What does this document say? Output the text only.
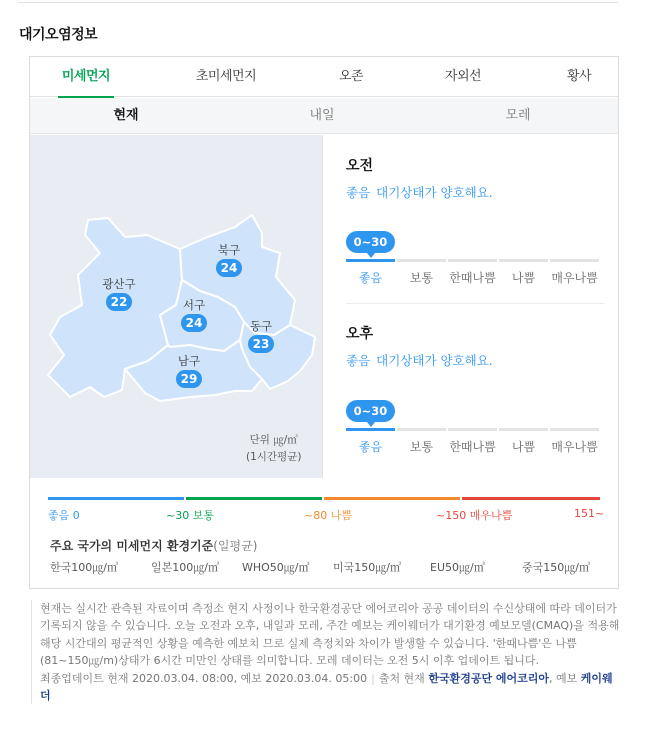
대기오염정보
미세먼지	초미세먼지	오존	자외선	황사
현재	내일	모레
북구
24
광산구
22	서구
24	동구
23
남구
29
단위 ㎍/㎥
(1시간평균)
오전
좋음 대기상태가 양호해요.
0~30
좋음	보통	한때나쁨	나쁨	매우나쁨
오후
좋음 대기상태가 양호해요.
0~30
좋음	보통	한때나쁨	나쁨	매우나쁨
좋음 0	~30 보통	~80 나쁨	~150 매우나쁨	151~
주요 국가의 미세먼지 환경기준(일평균)
한국100㎍/㎥	일본100㎍/㎥ WHO50㎍/㎥ 미국150㎍/㎥	EU50㎍/㎥	중국150㎍/㎥
현재는 실시간 관측된 자료이며 측정소 현지 사정이나 한국환경공단 에어코리아 공공 데이터의 수신상태에 따라 데이터가 기록되지 않을 수 있습니다. 오늘 오전과 오후, 내일과 모레, 주간 예보는 케이웨더가 대기환경 예보모델(CMAQ)을 적용해 해당 시간대의 평균적인 상황을 예측한 예보치 므로 실제 측정치와 차이가 발생할 수 있습니다. '한때나쁨'은 나쁨(81~150㎍/m)상태가 6시간 미만인 상태를 의미합니다. 모레 데이터는 오전 5시 이후 업데이트 됩니다.
최종업데이트 현재 2020.03.04. 08:00, 예보 2020.03.04. 05:00 | 출처 현재 한국환경공단 에어코리아, 예보 케이웨더
